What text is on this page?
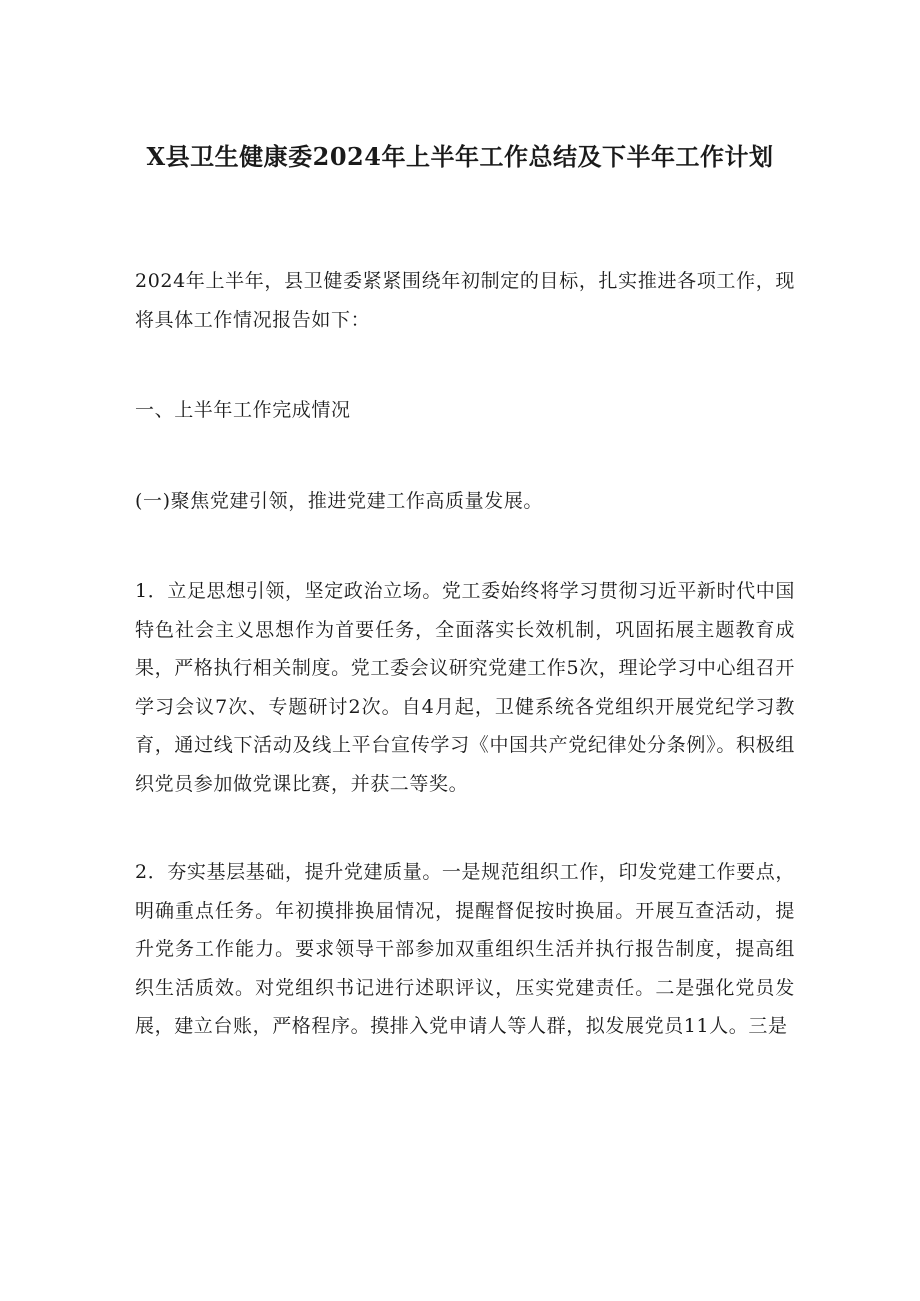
X县卫生健康委2024年上半年工作总结及下半年工作计划

2024年上半年，县卫健委紧紧围绕年初制定的目标，扎实推进各项工作，现将具体工作情况报告如下：

一、上半年工作完成情况

(一)聚焦党建引领，推进党建工作高质量发展。

1．立足思想引领，坚定政治立场。党工委始终将学习贯彻习近平新时代中国特色社会主义思想作为首要任务，全面落实长效机制，巩固拓展主题教育成果，严格执行相关制度。党工委会议研究党建工作5次，理论学习中心组召开学习会议7次、专题研讨2次。自4月起，卫健系统各党组织开展党纪学习教育，通过线下活动及线上平台宣传学习《中国共产党纪律处分条例》。积极组织党员参加做党课比赛，并获二等奖。

2．夯实基层基础，提升党建质量。一是规范组织工作，印发党建工作要点，明确重点任务。年初摸排换届情况，提醒督促按时换届。开展互查活动，提升党务工作能力。要求领导干部参加双重组织生活并执行报告制度，提高组织生活质效。对党组织书记进行述职评议，压实党建责任。二是强化党员发展，建立台账，严格程序。摸排入党申请人等人群，拟发展党员11人。三是
